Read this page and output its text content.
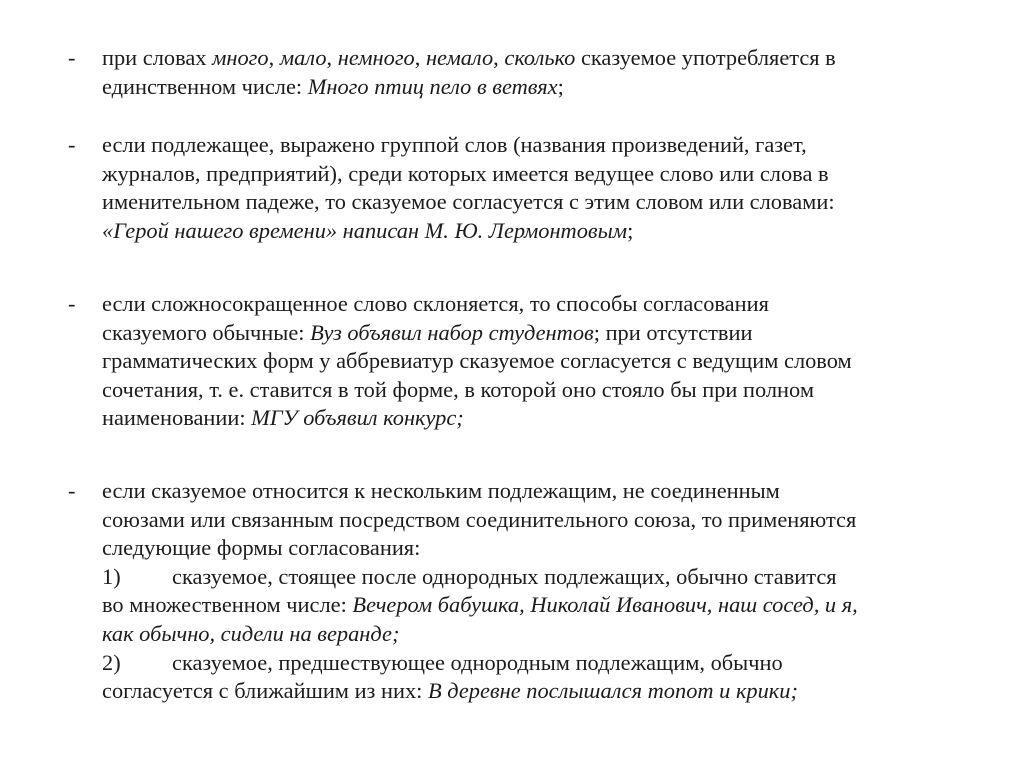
- при словах много, мало, немного, немало, сколько сказуемое употребляется в
единственном числе: Много птиц пело в ветвях;
- если подлежащее, выражено группой слов (названия произведений, газет,
журналов, предприятий), среди которых имеется ведущее слово или слова в
именительном падеже, то сказуемое согласуется с этим словом или словами:
«Герой нашего времени» написан М. Ю. Лермонтовым;
- если сложносокращенное слово склоняется, то способы согласования
сказуемого обычные: Вуз объявил набор студентов; при отсутствии
грамматических форм у аббревиатур сказуемое согласуется с ведущим словом
сочетания, т. е. ставится в той форме, в которой оно стояло бы при полном
наименовании: МГУ объявил конкурс;
- если сказуемое относится к нескольким подлежащим, не соединенным
союзами или связанным посредством соединительного союза, то применяются
следующие формы согласования:
1) сказуемое, стоящее после однородных подлежащих, обычно ставится
во множественном числе: Вечером бабушка, Николай Иванович, наш сосед, и я,
как обычно, сидели на веранде;
2) сказуемое, предшествующее однородным подлежащим, обычно
согласуется с ближайшим из них: В деревне послышался топот и крики;
